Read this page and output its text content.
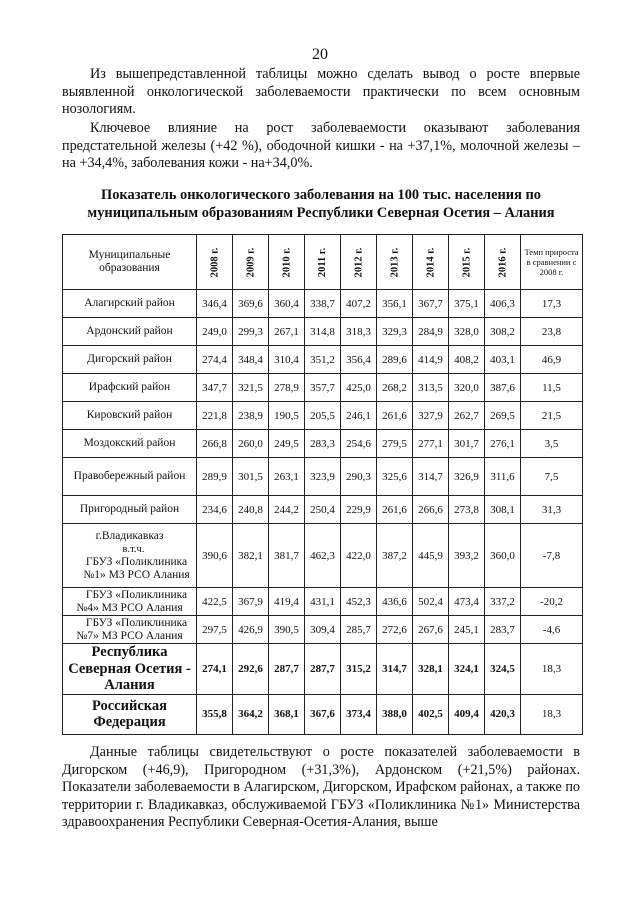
20

Из вышепредставленной таблицы можно сделать вывод о росте впервые выявленной онкологической заболеваемости практически по всем основным нозологиям.

Ключевое влияние на рост заболеваемости оказывают заболевания предстательной железы (+42 %), ободочной кишки - на +37,1%, молочной железы – на +34,4%, заболевания кожи - на+34,0%.

Показатель онкологического заболевания на 100 тыс. населения по
муниципальным образованиям Республики Северная Осетия – Алания
Муниципальные образования	2008 г.	2009 г.	2010 г.	2011 г.	2012 г.	2013 г.	2014 г.	2015 г.	2016 г.	Темп прироста в сравнении с 2008 г.
Алагирский район	346,4	369,6	360,4	338,7	407,2	356,1	367,7	375,1	406,3	17,3
Ардонский район	249,0	299,3	267,1	314,8	318,3	329,3	284,9	328,0	308,2	23,8
Дигорский район	274,4	348,4	310,4	351,2	356,4	289,6	414,9	408,2	403,1	46,9
Ирафский район	347,7	321,5	278,9	357,7	425,0	268,2	313,5	320,0	387,6	11,5
Кировский район	221,8	238,9	190,5	205,5	246,1	261,6	327,9	262,7	269,5	21,5
Моздокский район	266,8	260,0	249,5	283,3	254,6	279,5	277,1	301,7	276,1	3,5
Правобережный район	289,9	301,5	263,1	323,9	290,3	325,6	314,7	326,9	311,6	7,5
Пригородный район	234,6	240,8	244,2	250,4	229,9	261,6	266,6	273,8	308,1	31,3
г.Владикавказ
в.т.ч.
ГБУЗ «Поликлиника №1» МЗ РСО Алания	390,6	382,1	381,7	462,3	422,0	387,2	445,9	393,2	360,0	-7,8
ГБУЗ «Поликлиника №4» МЗ РСО Алания	422,5	367,9	419,4	431,1	452,3	436,6	502,4	473,4	337,2	-20,2
ГБУЗ «Поликлиника №7» МЗ РСО Алания	297,5	426,9	390,5	309,4	285,7	272,6	267,6	245,1	283,7	-4,6
Республика Северная Осетия - Алания	274,1	292,6	287,7	287,7	315,2	314,7	328,1	324,1	324,5	18,3
Российская Федерация	355,8	364,2	368,1	367,6	373,4	388,0	402,5	409,4	420,3	18,3

Данные таблицы свидетельствуют о росте показателей заболеваемости в Дигорском (+46,9), Пригородном (+31,3%), Ардонском (+21,5%) районах. Показатели заболеваемости в Алагирском, Дигорском, Ирафском районах, а также по территории г. Владикавказ, обслуживаемой ГБУЗ «Поликлиника №1» Министерства здравоохранения Республики Северная-Осетия-Алания, выше
